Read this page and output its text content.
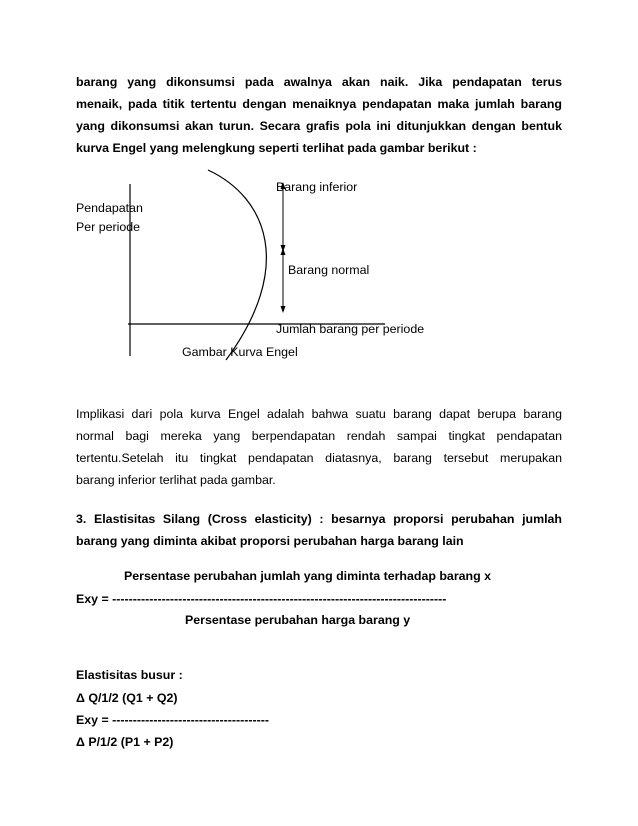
barang yang dikonsumsi pada awalnya akan naik. Jika pendapatan terus
menaik, pada titik tertentu dengan menaiknya pendapatan maka jumlah barang
yang dikonsumsi akan turun. Secara grafis pola ini ditunjukkan dengan bentuk
kurva Engel yang melengkung seperti terlihat pada gambar berikut :
Barang inferior
Pendapatan
Per periode
Barang normal
Jumlah barang per periode
Gambar Kurva Engel
Implikasi dari pola kurva Engel adalah bahwa suatu barang dapat berupa barang
normal bagi mereka yang berpendapatan rendah sampai tingkat pendapatan
tertentu.Setelah itu tingkat pendapatan diatasnya, barang tersebut merupakan
barang inferior terlihat pada gambar.
3. Elastisitas Silang (Cross elasticity) : besarnya proporsi perubahan jumlah
barang yang diminta akibat proporsi perubahan harga barang lain
Persentase perubahan jumlah yang diminta terhadap barang x
Exy = ---------------------------------------------------------------------------------
Persentase perubahan harga barang y
Elastisitas busur :
Δ Q/1/2 (Q1 + Q2)
Exy = --------------------------------------
Δ P/1/2 (P1 + P2)
